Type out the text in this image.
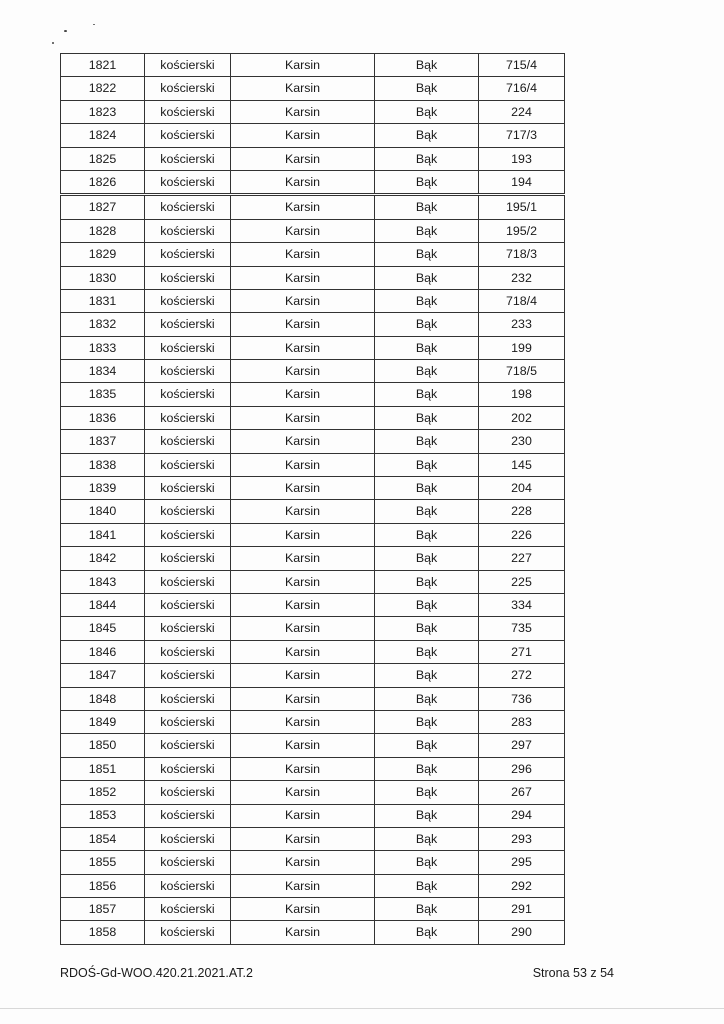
1821	kościerski	Karsin	Bąk	715/4
1822	kościerski	Karsin	Bąk	716/4
1823	kościerski	Karsin	Bąk	224
1824	kościerski	Karsin	Bąk	717/3
1825	kościerski	Karsin	Bąk	193
1826	kościerski	Karsin	Bąk	194
1827	kościerski	Karsin	Bąk	195/1
1828	kościerski	Karsin	Bąk	195/2
1829	kościerski	Karsin	Bąk	718/3
1830	kościerski	Karsin	Bąk	232
1831	kościerski	Karsin	Bąk	718/4
1832	kościerski	Karsin	Bąk	233
1833	kościerski	Karsin	Bąk	199
1834	kościerski	Karsin	Bąk	718/5
1835	kościerski	Karsin	Bąk	198
1836	kościerski	Karsin	Bąk	202
1837	kościerski	Karsin	Bąk	230
1838	kościerski	Karsin	Bąk	145
1839	kościerski	Karsin	Bąk	204
1840	kościerski	Karsin	Bąk	228
1841	kościerski	Karsin	Bąk	226
1842	kościerski	Karsin	Bąk	227
1843	kościerski	Karsin	Bąk	225
1844	kościerski	Karsin	Bąk	334
1845	kościerski	Karsin	Bąk	735
1846	kościerski	Karsin	Bąk	271
1847	kościerski	Karsin	Bąk	272
1848	kościerski	Karsin	Bąk	736
1849	kościerski	Karsin	Bąk	283
1850	kościerski	Karsin	Bąk	297
1851	kościerski	Karsin	Bąk	296
1852	kościerski	Karsin	Bąk	267
1853	kościerski	Karsin	Bąk	294
1854	kościerski	Karsin	Bąk	293
1855	kościerski	Karsin	Bąk	295
1856	kościerski	Karsin	Bąk	292
1857	kościerski	Karsin	Bąk	291
1858	kościerski	Karsin	Bąk	290
RDOŚ-Gd-WOO.420.21.2021.AT.2	Strona 53 z 54
